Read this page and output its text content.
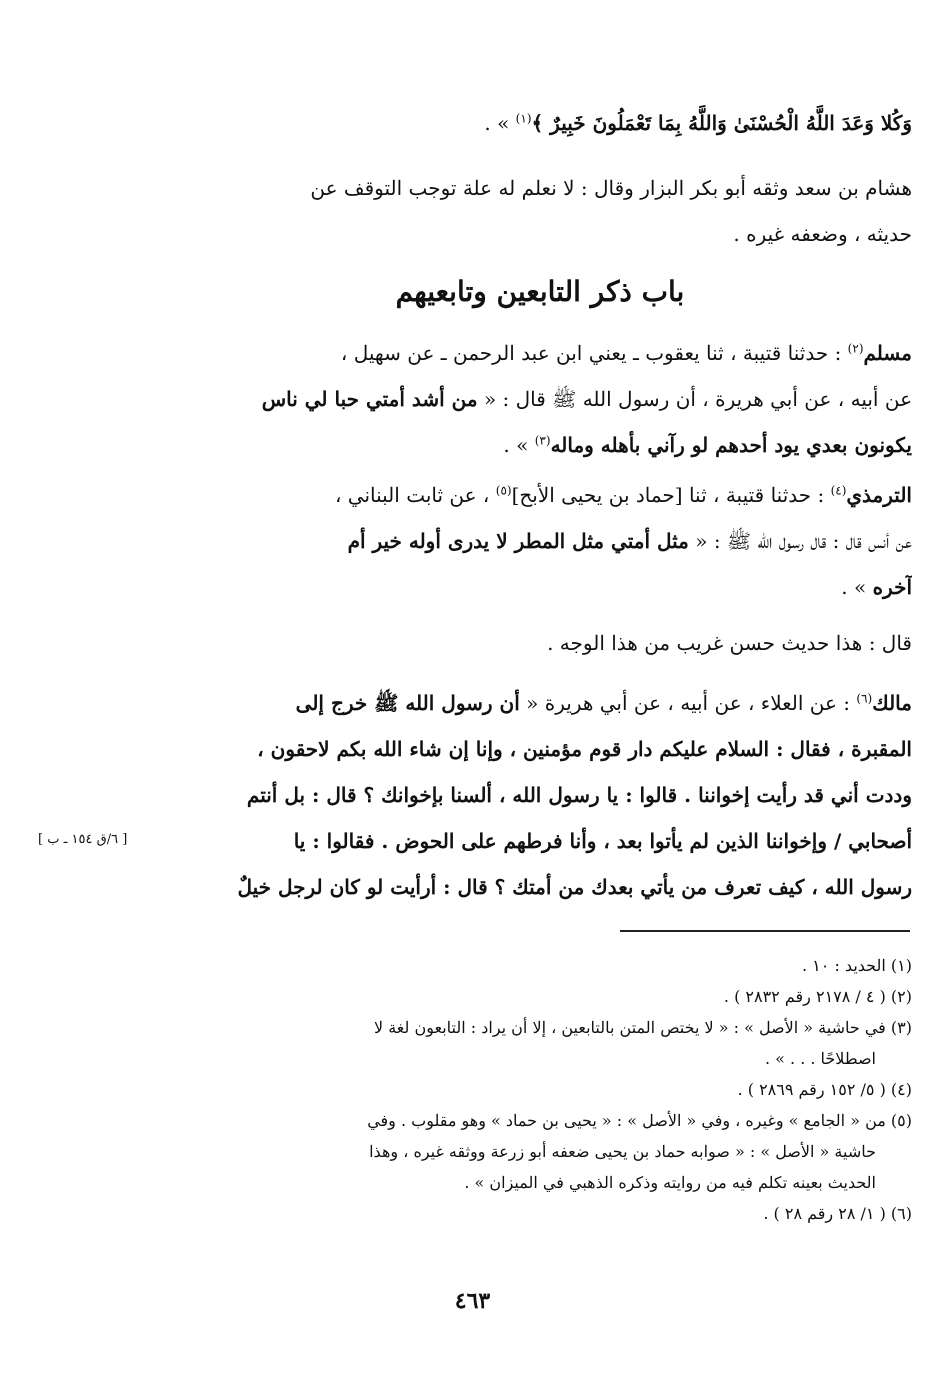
وَكُلا وَعَدَ اللَّهُ الْحُسْنَىٰ وَاللَّهُ بِمَا تَعْمَلُونَ خَبِيرٌ ﴾$^{(١)}$ » .
هشام بن سعد وثقه أبو بكر البزار وقال : لا نعلم له علة توجب التوقف عن
حديثه ، وضعفه غيره .
باب ذكر التابعين وتابعيهم
مسلم$^{(٢)}$ : حدثنا قتيبة ، ثنا يعقوب ـ يعني ابن عبد الرحمن ـ عن سهيل ،
عن أبيه ، عن أبي هريرة ، أن رسول الله ﷺ قال : « من أشد أمتي حبا لي ناس
يكونون بعدي يود أحدهم لو رآني بأهله وماله$^{(٣)}$ » .
الترمذي$^{(٤)}$ : حدثنا قتيبة ، ثنا [حماد بن يحيى الأبح]$^{(٥)}$ ، عن ثابت البناني ،
عن أنس قال : قال رسول الله ﷺ : « مثل أمتي مثل المطر لا يدرى أوله خير أم
آخره » .
قال : هذا حديث حسن غريب من هذا الوجه .
مالك$^{(٦)}$ : عن العلاء ، عن أبيه ، عن أبي هريرة « أن رسول الله ﷺ خرج إلى
المقبرة ، فقال : السلام عليكم دار قوم مؤمنين ، وإنا إن شاء الله بكم لاحقون ،
وددت أني قد رأيت إخواننا . قالوا : يا رسول الله ، ألسنا بإخوانك ؟ قال : بل أنتم
أصحابي / وإخواننا الذين لم يأتوا بعد ، وأنا فرطهم على الحوض . فقالوا : يا
رسول الله ، كيف تعرف من يأتي بعدك من أمتك ؟ قال : أرأيت لو كان لرجل خيلٌ
[ ٦/ق ١٥٤ ـ ب ]
(١) الحديد : ١٠ .
(٢) ( ٤ / ٢١٧٨ رقم ٢٨٣٢ ) .
(٣) في حاشية « الأصل » : « لا يختص المتن بالتابعين ، إلا أن يراد : التابعون لغة لا
اصطلاحًا . . . » .
(٤) ( ٥/ ١٥٢ رقم ٢٨٦٩ ) .
(٥) من « الجامع » وغيره ، وفي « الأصل » : « يحيى بن حماد » وهو مقلوب . وفي
حاشية « الأصل » : « صوابه حماد بن يحيى ضعفه أبو زرعة ووثقه غيره ، وهذا
الحديث بعينه تكلم فيه من روايته وذكره الذهبي في الميزان » .
(٦) ( ١/ ٢٨ رقم ٢٨ ) .
٤٦٣
